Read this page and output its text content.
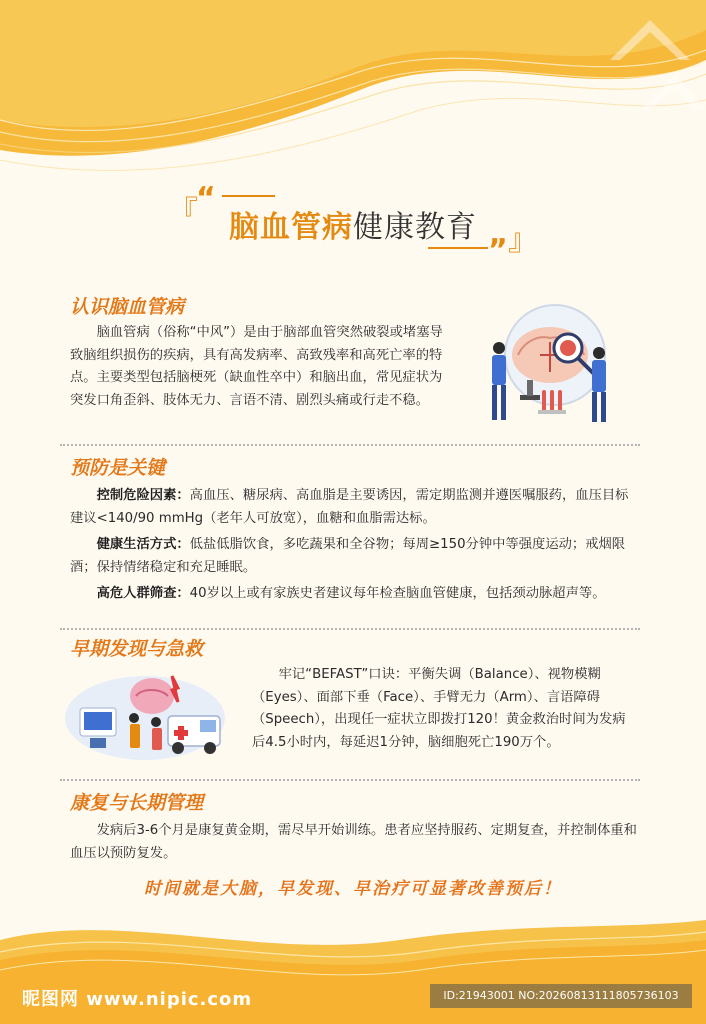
『
“
” 』
脑血管病健康教育
认识脑血管病
脑血管病（俗称“中风”）是由于脑部血管突然破裂或堵塞导致脑组织损伤的疾病，具有高发病率、高致残率和高死亡率的特点。主要类型包括脑梗死（缺血性卒中）和脑出血，常见症状为突发口角歪斜、肢体无力、言语不清、剧烈头痛或行走不稳。
预防是关键
控制危险因素：高血压、糖尿病、高血脂是主要诱因，需定期监测并遵医嘱服药，血压目标建议<140/90 mmHg（老年人可放宽），血糖和血脂需达标。
健康生活方式：低盐低脂饮食，多吃蔬果和全谷物；每周≥150分钟中等强度运动；戒烟限酒；保持情绪稳定和充足睡眠。
高危人群筛查：40岁以上或有家族史者建议每年检查脑血管健康，包括颈动脉超声等。
早期发现与急救
牢记“BEFAST”口诀：平衡失调（Balance）、视物模糊（Eyes）、面部下垂（Face）、手臂无力（Arm）、言语障碍（Speech），出现任一症状立即拨打120！黄金救治时间为发病后4.5小时内，每延迟1分钟，脑细胞死亡190万个。
康复与长期管理
发病后3-6个月是康复黄金期，需尽早开始训练。患者应坚持服药、定期复查，并控制体重和血压以预防复发。
时间就是大脑，早发现、早治疗可显著改善预后！
昵图网 www.nipic.com	ID:21943001 NO:20260813111805736103
